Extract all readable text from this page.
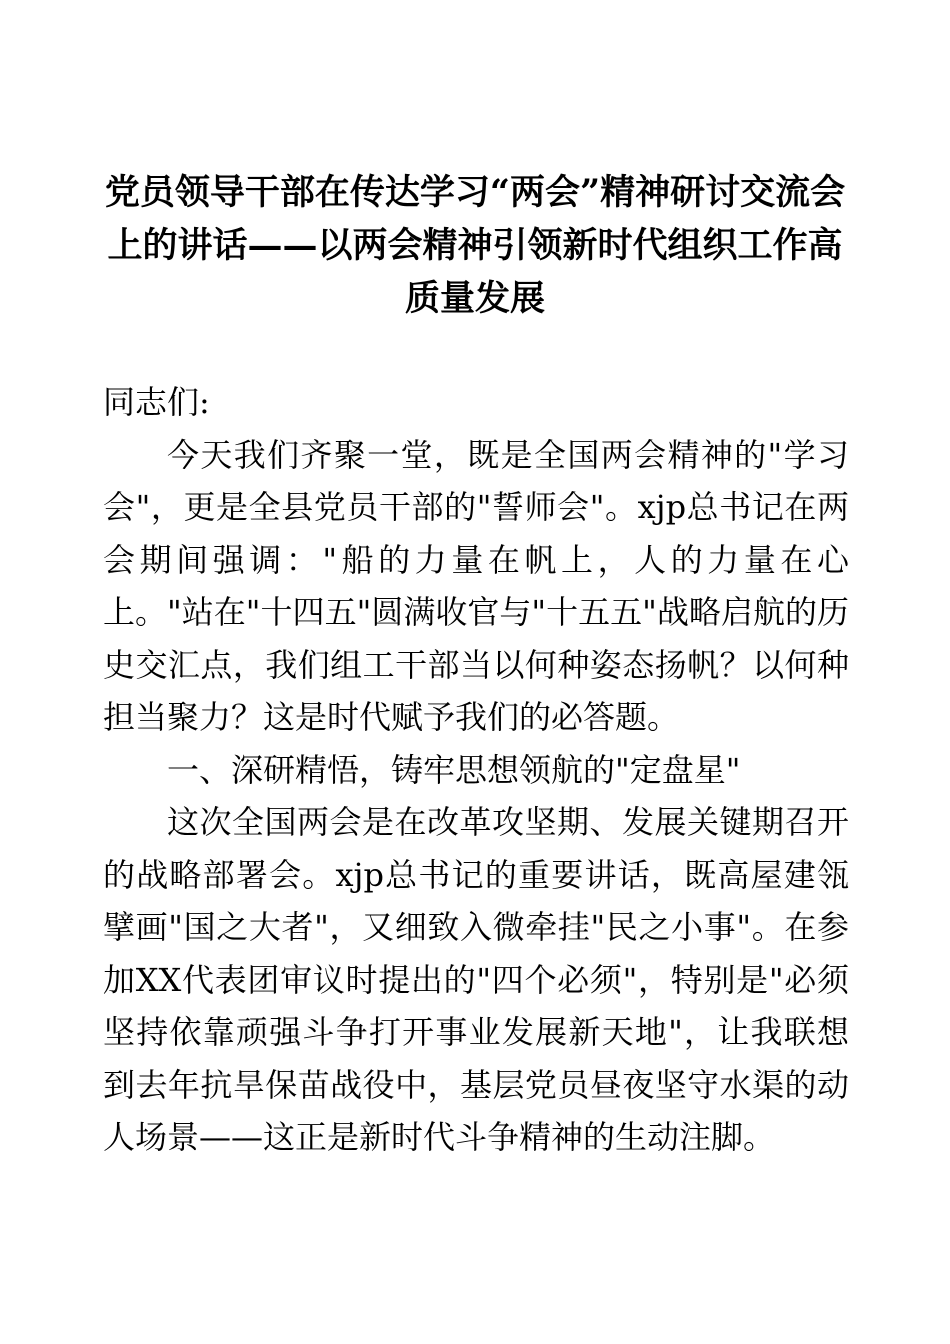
党员领导干部在传达学习“两会”精神研讨交流会上的讲话——以两会精神引领新时代组织工作高质量发展

同志们:

今天我们齐聚一堂，既是全国两会精神的"学习会"，更是全县党员干部的"誓师会"。xjp总书记在两会期间强调："船的力量在帆上，人的力量在心上。"站在"十四五"圆满收官与"十五五"战略启航的历史交汇点，我们组工干部当以何种姿态扬帆？以何种担当聚力？这是时代赋予我们的必答题。

一、深研精悟，铸牢思想领航的"定盘星"

这次全国两会是在改革攻坚期、发展关键期召开的战略部署会。xjp总书记的重要讲话，既高屋建瓴擘画"国之大者"，又细致入微牵挂"民之小事"。在参加XX代表团审议时提出的"四个必须"，特别是"必须坚持依靠顽强斗争打开事业发展新天地"，让我联想到去年抗旱保苗战役中，基层党员昼夜坚守水渠的动人场景——这正是新时代斗争精神的生动注脚。
